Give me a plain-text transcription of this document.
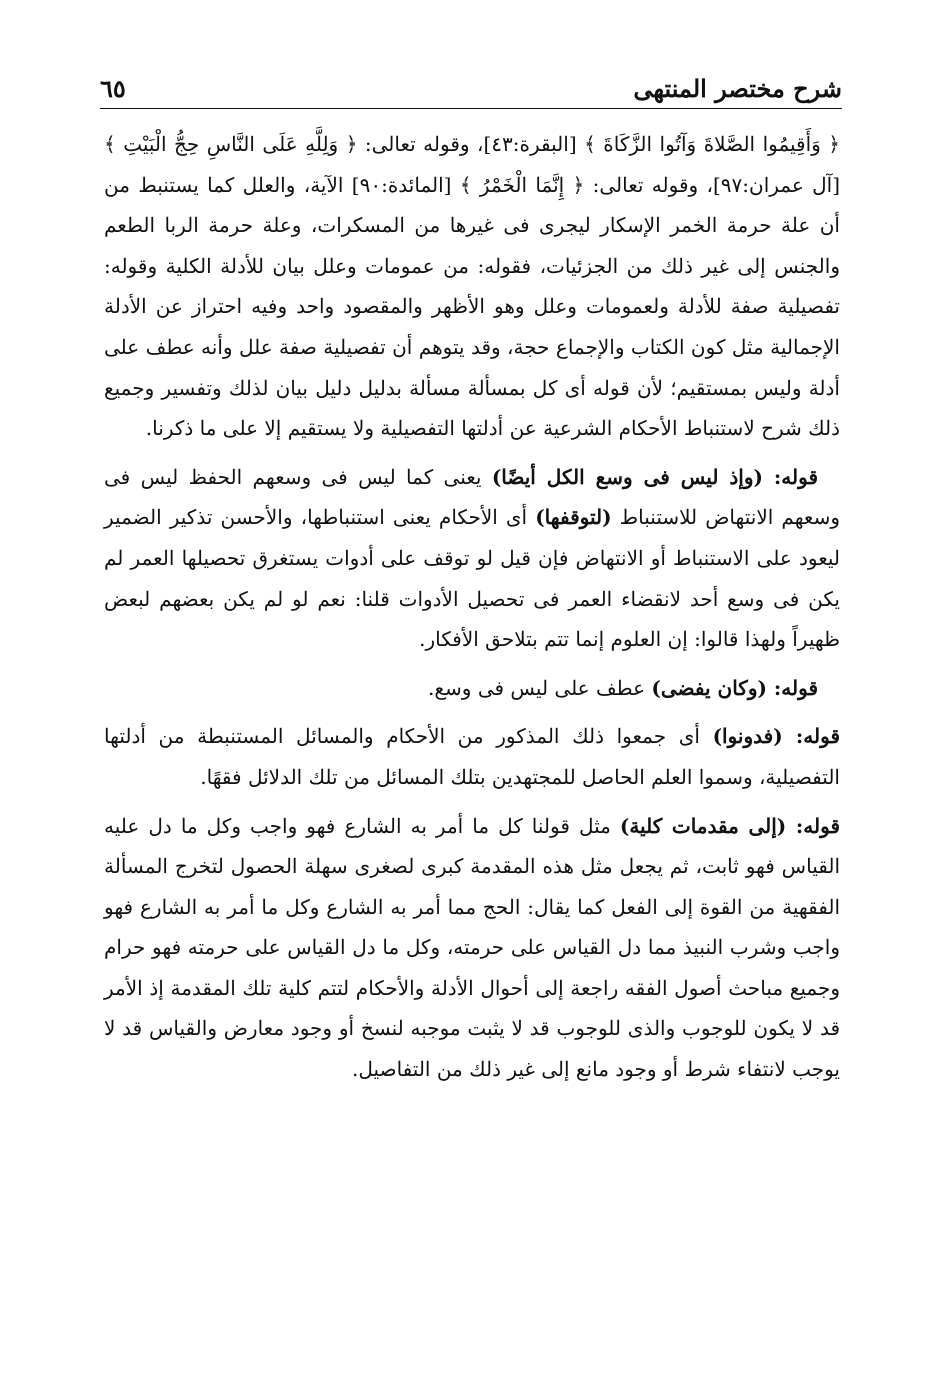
شرح مختصر المنتهى
٦٥

﴿ وَأَقِيمُوا الصَّلاةَ وَآتُوا الزَّكَاةَ ﴾ [البقرة:٤٣]، وقوله تعالى: ﴿ وَلِلَّهِ عَلَى النَّاسِ حِجُّ الْبَيْتِ ﴾ [آل عمران:٩٧]، وقوله تعالى: ﴿ إِنَّمَا الْخَمْرُ ﴾ [المائدة:٩٠] الآية، والعلل كما يستنبط من أن علة حرمة الخمر الإسكار ليجرى فى غيرها من المسكرات، وعلة حرمة الربا الطعم والجنس إلى غير ذلك من الجزئيات، فقوله: من عمومات وعلل بيان للأدلة الكلية وقوله: تفصيلية صفة للأدلة ولعمومات وعلل وهو الأظهر والمقصود واحد وفيه احتراز عن الأدلة الإجمالية مثل كون الكتاب والإجماع حجة، وقد يتوهم أن تفصيلية صفة علل وأنه عطف على أدلة وليس بمستقيم؛ لأن قوله أى كل بمسألة مسألة بدليل دليل بيان لذلك وتفسير وجميع ذلك شرح لاستنباط الأحكام الشرعية عن أدلتها التفصيلية ولا يستقيم إلا على ما ذكرنا.

قوله: (وإذ ليس فى وسع الكل أيضًا) يعنى كما ليس فى وسعهم الحفظ ليس فى وسعهم الانتهاض للاستنباط (لتوقفها) أى الأحكام يعنى استنباطها، والأحسن تذكير الضمير ليعود على الاستنباط أو الانتهاض فإن قيل لو توقف على أدوات يستغرق تحصيلها العمر لم يكن فى وسع أحد لانقضاء العمر فى تحصيل الأدوات قلنا: نعم لو لم يكن بعضهم لبعض ظهيراً ولهذا قالوا: إن العلوم إنما تتم بتلاحق الأفكار.

قوله: (وكان يفضى) عطف على ليس فى وسع.

قوله: (فدونوا) أى جمعوا ذلك المذكور من الأحكام والمسائل المستنبطة من أدلتها التفصيلية، وسموا العلم الحاصل للمجتهدين بتلك المسائل من تلك الدلائل فقهًا.

قوله: (إلى مقدمات كلية) مثل قولنا كل ما أمر به الشارع فهو واجب وكل ما دل عليه القياس فهو ثابت، ثم يجعل مثل هذه المقدمة كبرى لصغرى سهلة الحصول لتخرج المسألة الفقهية من القوة إلى الفعل كما يقال: الحج مما أمر به الشارع وكل ما أمر به الشارع فهو واجب وشرب النبيذ مما دل القياس على حرمته، وكل ما دل القياس على حرمته فهو حرام وجميع مباحث أصول الفقه راجعة إلى أحوال الأدلة والأحكام لتتم كلية تلك المقدمة إذ الأمر قد لا يكون للوجوب والذى للوجوب قد لا يثبت موجبه لنسخ أو وجود معارض والقياس قد لا يوجب لانتفاء شرط أو وجود مانع إلى غير ذلك من التفاصيل.
